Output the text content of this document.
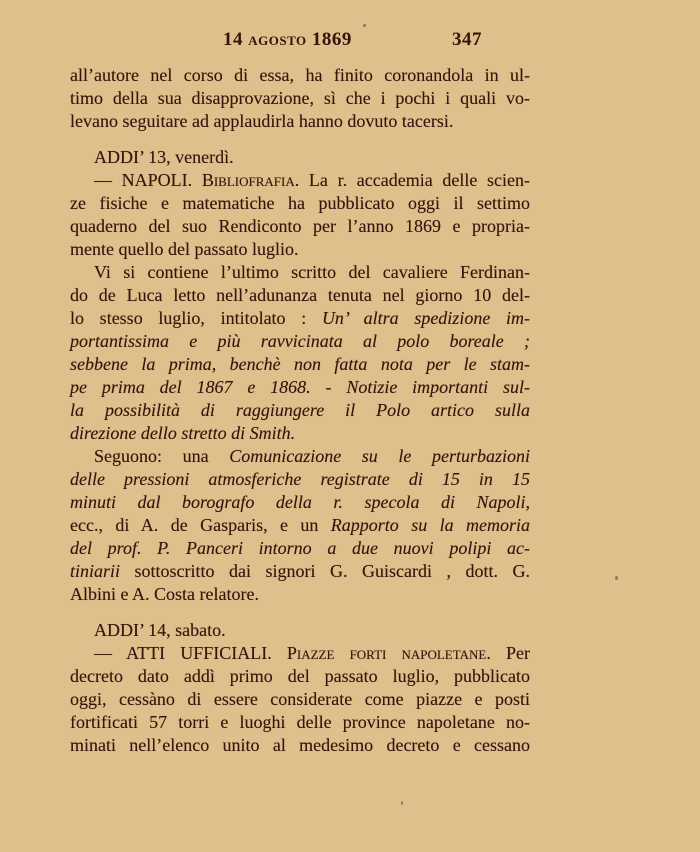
14 agosto 1869	347

all’autore nel corso di essa, ha finito coronandola in ul-
timo della sua disapprovazione, sì che i pochi i quali vo-
levano seguitare ad applaudirla hanno dovuto tacersi.

ADDI’ 13, venerdì.

— NAPOLI. Bibliofrafia. La r. accademia delle scien-
ze fisiche e matematiche ha pubblicato oggi il settimo
quaderno del suo Rendiconto per l’anno 1869 e propria-
mente quello del passato luglio.

Vi si contiene l’ultimo scritto del cavaliere Ferdinan-
do de Luca letto nell’adunanza tenuta nel giorno 10 del-
lo stesso luglio, intitolato : Un’ altra spedizione im-
portantissima e più ravvicinata al polo boreale ;
sebbene la prima, benchè non fatta nota per le stam-
pe prima del 1867 e 1868. - Notizie importanti sul-
la possibilità di raggiungere il Polo artico sulla
direzione dello stretto di Smith.

Seguono: una Comunicazione su le perturbazioni
delle pressioni atmosferiche registrate di 15 in 15
minuti dal borografo della r. specola di Napoli,
ecc., di A. de Gasparis, e un Rapporto su la memoria
del prof. P. Panceri intorno a due nuovi polipi ac-
tiniarii sottoscritto dai signori G. Guiscardi , dott. G.
Albini e A. Costa relatore.

ADDI’ 14, sabato.

— ATTI UFFICIALI. Piazze forti napoletane. Per
decreto dato addì primo del passato luglio, pubblicato
oggi, cessàno di essere considerate come piazze e posti
fortificati 57 torri e luoghi delle province napoletane no-
minati nell’elenco unito al medesimo decreto e cessano
